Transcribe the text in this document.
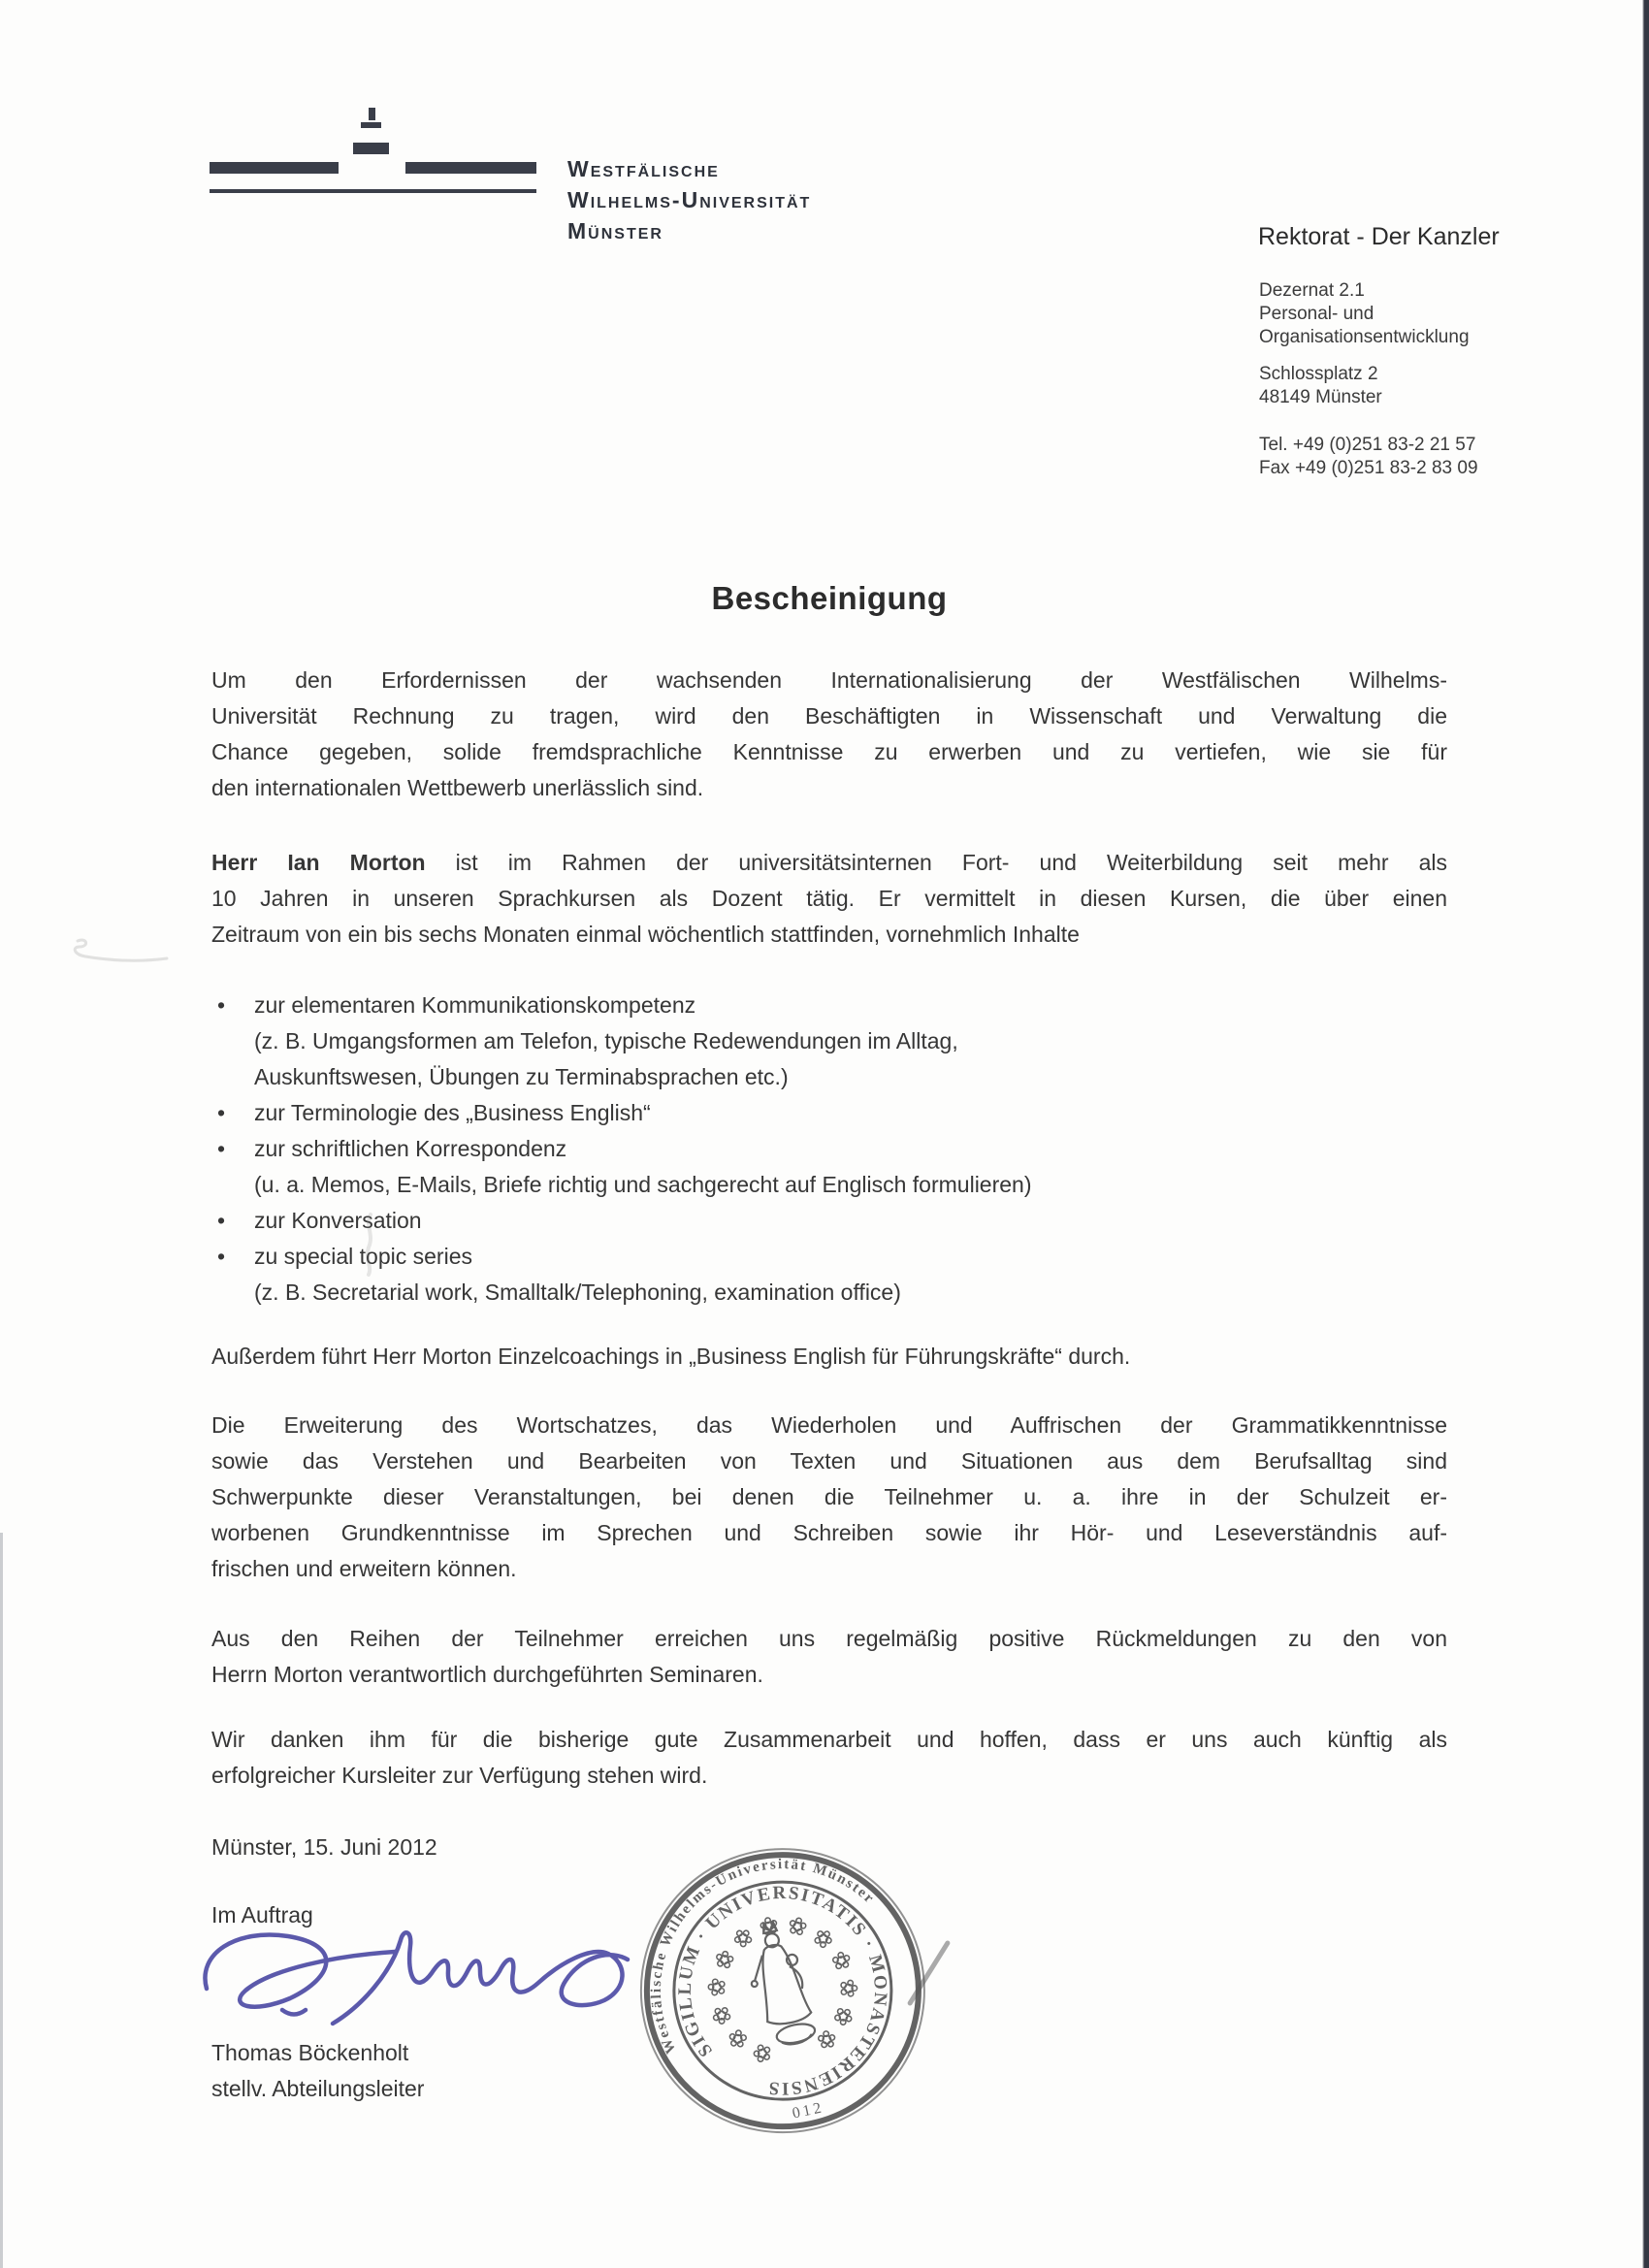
Westfälische
Wilhelms-Universität
Münster	Rektorat - Der Kanzler
Dezernat 2.1
Personal- und
Organisationsentwicklung
Schlossplatz 2
48149 Münster
Tel. +49 (0)251 83-2 21 57
Fax +49 (0)251 83-2 83 09
Bescheinigung
Um den Erfordernissen der wachsenden Internationalisierung der Westfälischen Wilhelms-
Universität Rechnung zu tragen, wird den Beschäftigten in Wissenschaft und Verwaltung die
Chance gegeben, solide fremdsprachliche Kenntnisse zu erwerben und zu vertiefen, wie sie für
den internationalen Wettbewerb unerlässlich sind.
Herr Ian Morton ist im Rahmen der universitätsinternen Fort- und Weiterbildung seit mehr als
10 Jahren in unseren Sprachkursen als Dozent tätig. Er vermittelt in diesen Kursen, die über einen
Zeitraum von ein bis sechs Monaten einmal wöchentlich stattfinden, vornehmlich Inhalte
• zur elementaren Kommunikationskompetenz
(z. B. Umgangsformen am Telefon, typische Redewendungen im Alltag,
Auskunftswesen, Übungen zu Terminabsprachen etc.)
• zur Terminologie des „Business English“
• zur schriftlichen Korrespondenz
(u. a. Memos, E-Mails, Briefe richtig und sachgerecht auf Englisch formulieren)
• zur Konversation
• zu special topic series
(z. B. Secretarial work, Smalltalk/Telephoning, examination office)
Außerdem führt Herr Morton Einzelcoachings in „Business English für Führungskräfte“ durch.
Die Erweiterung des Wortschatzes, das Wiederholen und Auffrischen der Grammatikkenntnisse
sowie das Verstehen und Bearbeiten von Texten und Situationen aus dem Berufsalltag sind
Schwerpunkte dieser Veranstaltungen, bei denen die Teilnehmer u. a. ihre in der Schulzeit er-
worbenen Grundkenntnisse im Sprechen und Schreiben sowie ihr Hör- und Leseverständnis auf-
frischen und erweitern können.
Aus den Reihen der Teilnehmer erreichen uns regelmäßig positive Rückmeldungen zu den von
Herrn Morton verantwortlich durchgeführten Seminaren.
Wir danken ihm für die bisherige gute Zusammenarbeit und hoffen, dass er uns auch künftig als
erfolgreicher Kursleiter zur Verfügung stehen wird.
Münster, 15. Juni 2012
Im Auftrag
Thomas Böckenholt
stellv. Abteilungsleiter
Westfälische Wilhelms-Universität Münster
SIGILLUM · UNIVERSITATIS · MONASTERIENSIS
012
